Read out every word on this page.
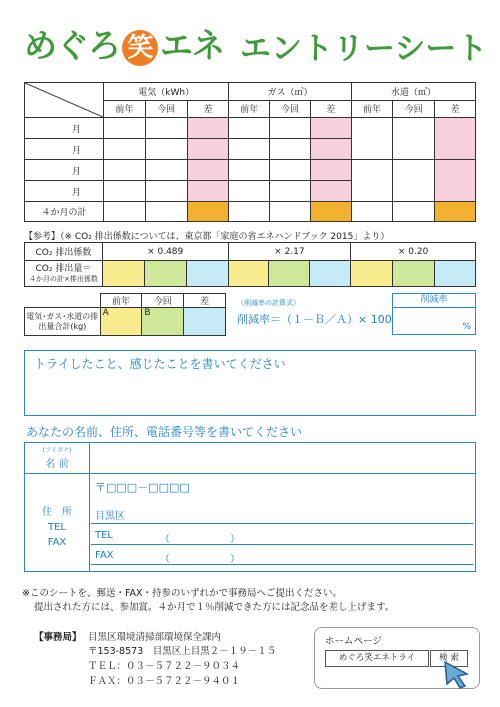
めぐろ 笑 エネ エントリーシート
	電気（kWh）			ガス（㎥）			水道（㎥）		
	前年	今回	差	前年	今回	差	前年	今回	差
月									
月									
月									
月									
４か月の計									
【参考】（※ CO₂ 排出係数については、東京都「家庭の省エネハンドブック 2015」より）
CO₂ 排出係数	× 0.489			× 2.17			× 0.20		

CO₂ 排出量＝
４か月の計×排出係数									

	前年	今回	差
電気･ガス･水道の排出量合計(kg)	A	B	
（削減率の計算式）
削減率＝（１－Ｂ／Ａ）× 100
削減率
%
トライしたこと、感じたことを書いてください
あなたの名前、住所、電話番号等を書いてください
(フリガナ)
名 前
住　所
TEL
FAX
〒□□□－□□□□
目黒区
TEL	（	）
FAX	（	）
※このシートを、郵送・FAX・持参のいずれかで事務局へご提出ください。
提出された方には、参加賞。４か月で１％削減できた方には記念品を差し上げます。
【事務局】 目黒区環境清掃部環境保全課内
〒153-8573　目黒区上目黒２－１９－１５
ＴＥＬ：０３－５７２２－９０３４
ＦＡＸ：０３－５７２２－９４０１
ホームページ
めぐろ笑エネトライ	検 索
